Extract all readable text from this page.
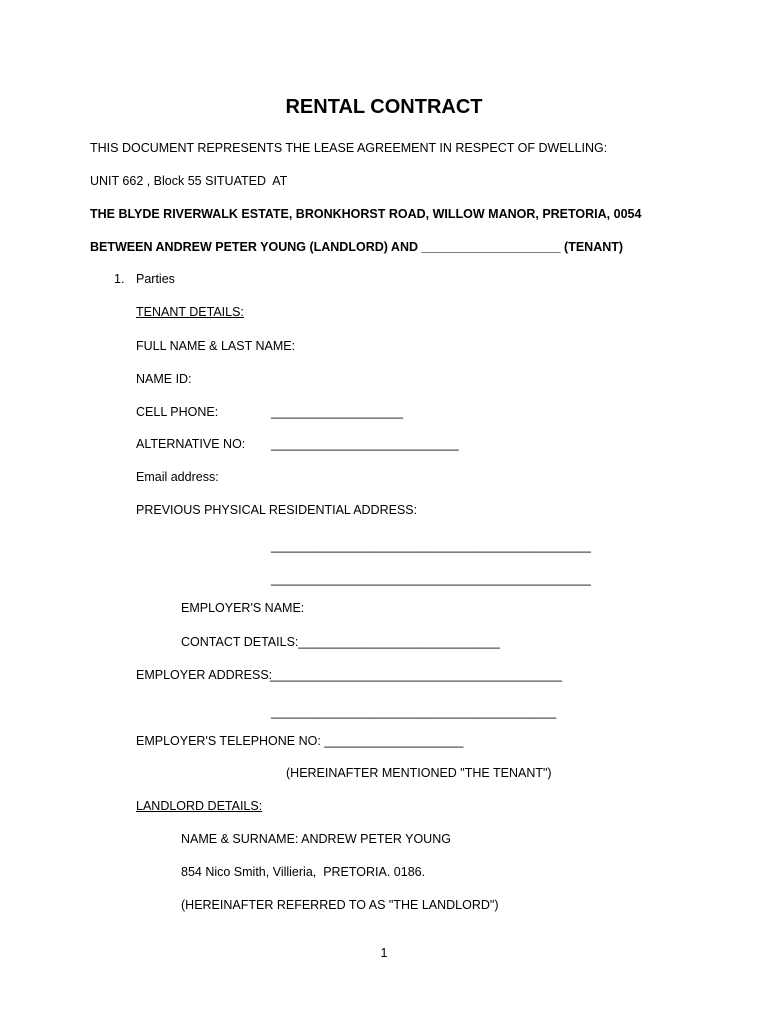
RENTAL CONTRACT
THIS DOCUMENT REPRESENTS THE LEASE AGREEMENT IN RESPECT OF DWELLING:
UNIT 662 , Block 55 SITUATED  AT
THE BLYDE RIVERWALK ESTATE, BRONKHORST ROAD, WILLOW MANOR, PRETORIA, 0054
BETWEEN ANDREW PETER YOUNG (LANDLORD) AND ____________________ (TENANT)
1. Parties
TENANT DETAILS:
FULL NAME & LAST NAME:
NAME ID:
CELL PHONE:	___________________
ALTERNATIVE NO: ___________________________
Email address:
PREVIOUS PHYSICAL RESIDENTIAL ADDRESS:
______________________________________________
______________________________________________
EMPLOYER'S NAME:
CONTACT DETAILS:_____________________________
EMPLOYER ADDRESS:
__________________________________________
_________________________________________
EMPLOYER'S TELEPHONE NO: ____________________
(HEREINAFTER MENTIONED "THE TENANT")
LANDLORD DETAILS:
NAME & SURNAME: ANDREW PETER YOUNG
854 Nico Smith, Villieria,  PRETORIA. 0186.
(HEREINAFTER REFERRED TO AS "THE LANDLORD")
1
